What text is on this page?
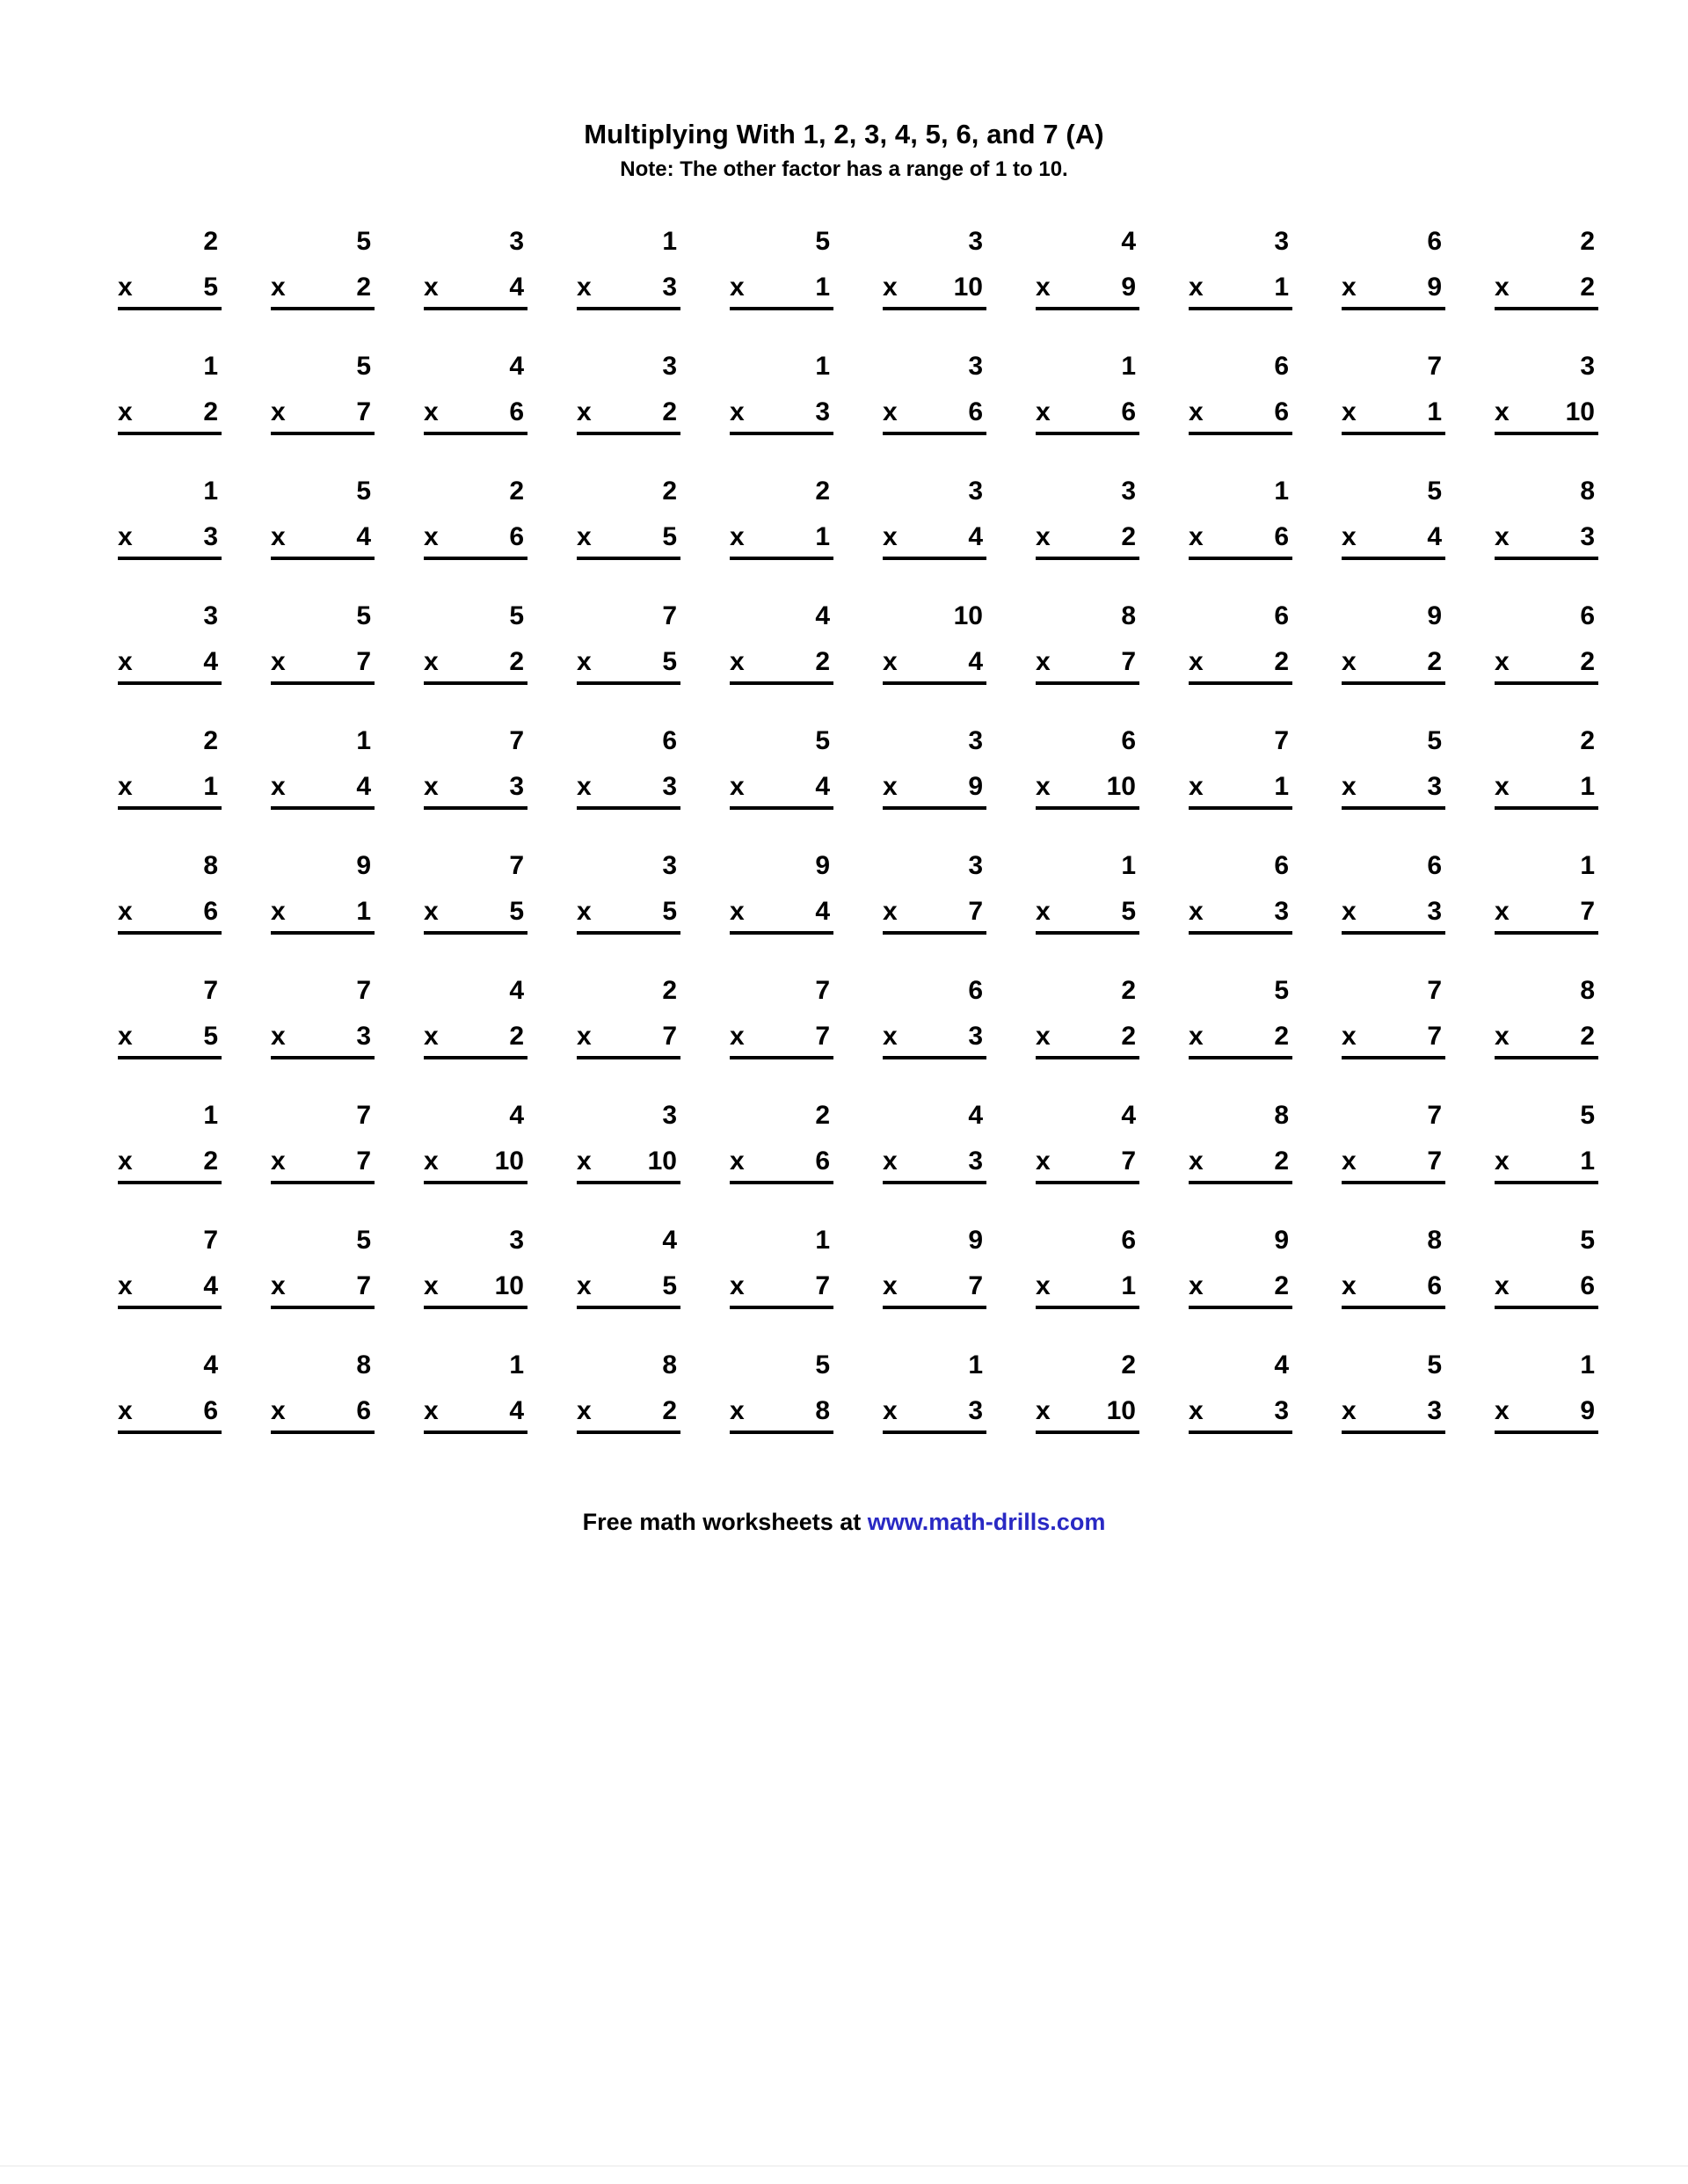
Multiplying With 1, 2, 3, 4, 5, 6, and 7 (A)
Note: The other factor has a range of 1 to 10.
2
x	5
5
x	2
3
x	4
1
x	3
5
x	1
3
x 10
4
x	9
3
x	1
6
x	9
2
x	2
1
x	2
5
x	7
4
x	6
3
x	2
1
x	3
3
x	6
1
x	6
6
x	6
7
x	1
3
x 10
1
x	3
5
x	4
2
x	6
2
x	5
2
x	1
3
x	4
3
x	2
1
x	6
5
x	4
8
x	3
3
x	4
5
x	7
5
x	2
7
x	5
4
x	2
10
x	4
8
x	7
6
x	2
9
x	2
6
x	2
2
x	1
1
x	4
7
x	3
6
x	3
5
x	4
3
x	9
6
x 10
7
x	1
5
x	3
2
x	1
8
x	6
9
x	1
7
x	5
3
x	5
9
x	4
3
x	7
1
x	5
6
x	3
6
x	3
1
x	7
7
x	5
7
x	3
4
x	2
2
x	7
7
x	7
6
x	3
2
x	2
5
x	2
7
x	7
8
x	2
1
x	2
7
x	7
4
x 10
3
x 10
2
x	6
4
x	3
4
x	7
8
x	2
7
x	7
5
x	1
7
x	4
5
x	7
3
x 10
4
x	5
1
x	7
9
x	7
6
x	1
9
x	2
8
x	6
5
x	6
4
x	6
8
x	6
1
x	4
8
x	2
5
x	8
1
x	3
2
x 10
4
x	3
5
x	3
1
x	9
Free math worksheets at www.math-drills.com
